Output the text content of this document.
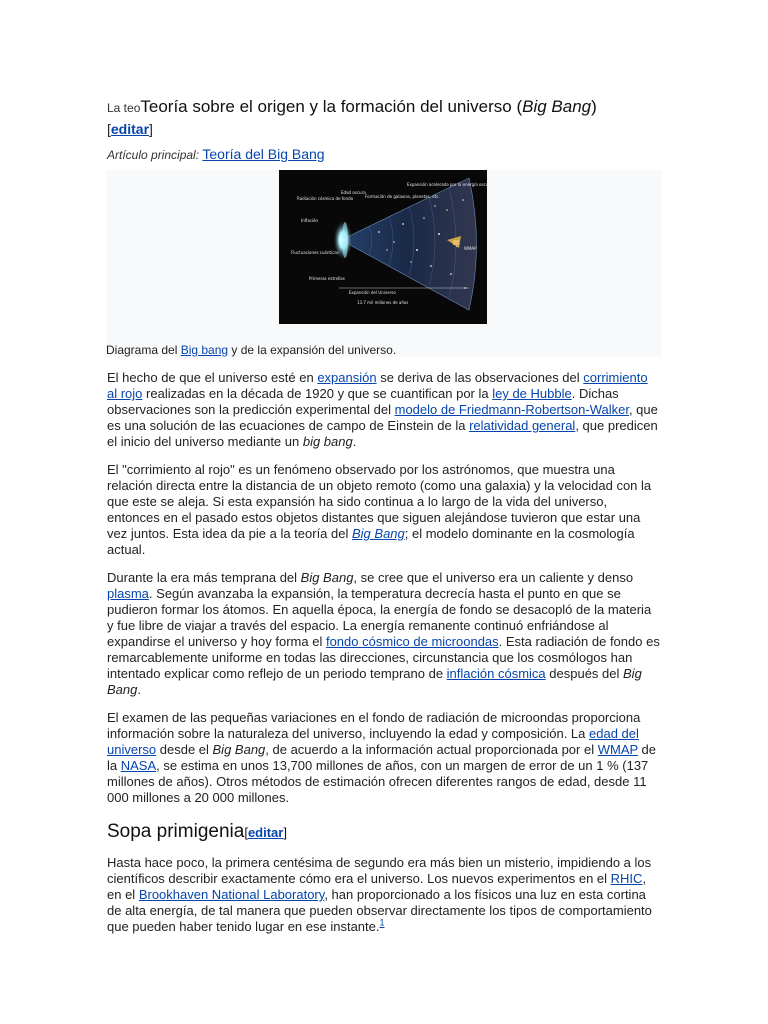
La teoTeoría sobre el origen y la formación del universo (Big Bang)
[editar]
Artículo principal: Teoría del Big Bang
Radiación cósmica de fondo
Edad oscura
Formación de galaxias, planetas, etc.
Expansión acelerada por la energía oscura
Inflación
Fluctuaciones cuánticas
Primeras estrellas
Expansión del Universo
13.7 mil millones de años
WMAP
Diagrama del Big bang y de la expansión del universo.

El hecho de que el universo esté en expansión se deriva de las observaciones del corrimiento al rojo realizadas en la década de 1920 y que se cuantifican por la ley de Hubble. Dichas observaciones son la predicción experimental del modelo de Friedmann-Robertson-Walker, que es una solución de las ecuaciones de campo de Einstein de la relatividad general, que predicen el inicio del universo mediante un big bang.

El "corrimiento al rojo" es un fenómeno observado por los astrónomos, que muestra una relación directa entre la distancia de un objeto remoto (como una galaxia) y la velocidad con la que este se aleja. Si esta expansión ha sido continua a lo largo de la vida del universo, entonces en el pasado estos objetos distantes que siguen alejándose tuvieron que estar una vez juntos. Esta idea da pie a la teoría del Big Bang; el modelo dominante en la cosmología actual.

Durante la era más temprana del Big Bang, se cree que el universo era un caliente y denso plasma. Según avanzaba la expansión, la temperatura decrecía hasta el punto en que se pudieron formar los átomos. En aquella época, la energía de fondo se desacopló de la materia y fue libre de viajar a través del espacio. La energía remanente continuó enfriándose al expandirse el universo y hoy forma el fondo cósmico de microondas. Esta radiación de fondo es remarcablemente uniforme en todas las direcciones, circunstancia que los cosmólogos han intentado explicar como reflejo de un periodo temprano de inflación cósmica después del Big Bang.

El examen de las pequeñas variaciones en el fondo de radiación de microondas proporciona información sobre la naturaleza del universo, incluyendo la edad y composición. La edad del universo desde el Big Bang, de acuerdo a la información actual proporcionada por el WMAP de la NASA, se estima en unos 13,700 millones de años, con un margen de error de un 1 % (137 millones de años). Otros métodos de estimación ofrecen diferentes rangos de edad, desde 11 000 millones a 20 000 millones.

Sopa primigenia[editar]

Hasta hace poco, la primera centésima de segundo era más bien un misterio, impidiendo a los científicos describir exactamente cómo era el universo. Los nuevos experimentos en el RHIC, en el Brookhaven National Laboratory, han proporcionado a los físicos una luz en esta cortina de alta energía, de tal manera que pueden observar directamente los tipos de comportamiento que pueden haber tenido lugar en ese instante.$^1$
